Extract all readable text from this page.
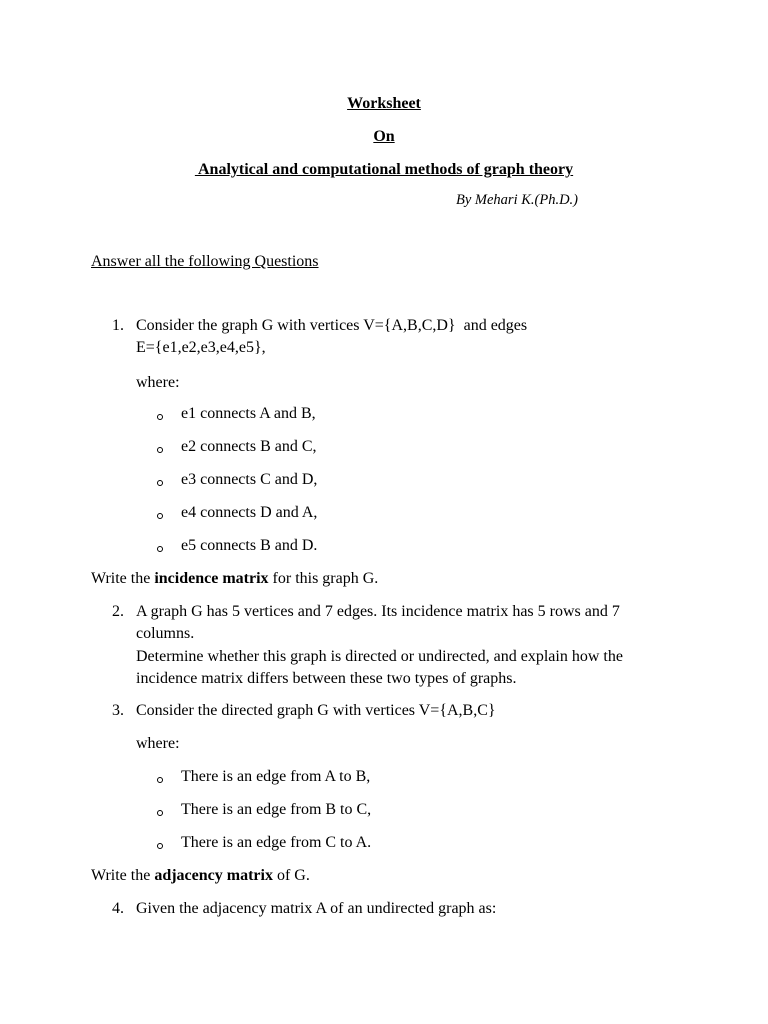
Worksheet
On
Analytical and computational methods of graph theory
By Mehari K.(Ph.D.)
Answer all the following Questions
1. Consider the graph G with vertices V={A,B,C,D}  and edges
E={e1,e2,e3,e4,e5},
where:
e1 connects A and B,
e2 connects B and C,
e3 connects C and D,
e4 connects D and A,
e5 connects B and D.
Write the incidence matrix for this graph G.
2. A graph G has 5 vertices and 7 edges. Its incidence matrix has 5 rows and 7
columns.
Determine whether this graph is directed or undirected, and explain how the
incidence matrix differs between these two types of graphs.
3. Consider the directed graph G with vertices V={A,B,C}
where:
There is an edge from A to B,
There is an edge from B to C,
There is an edge from C to A.
Write the adjacency matrix of G.
4. Given the adjacency matrix A of an undirected graph as:
